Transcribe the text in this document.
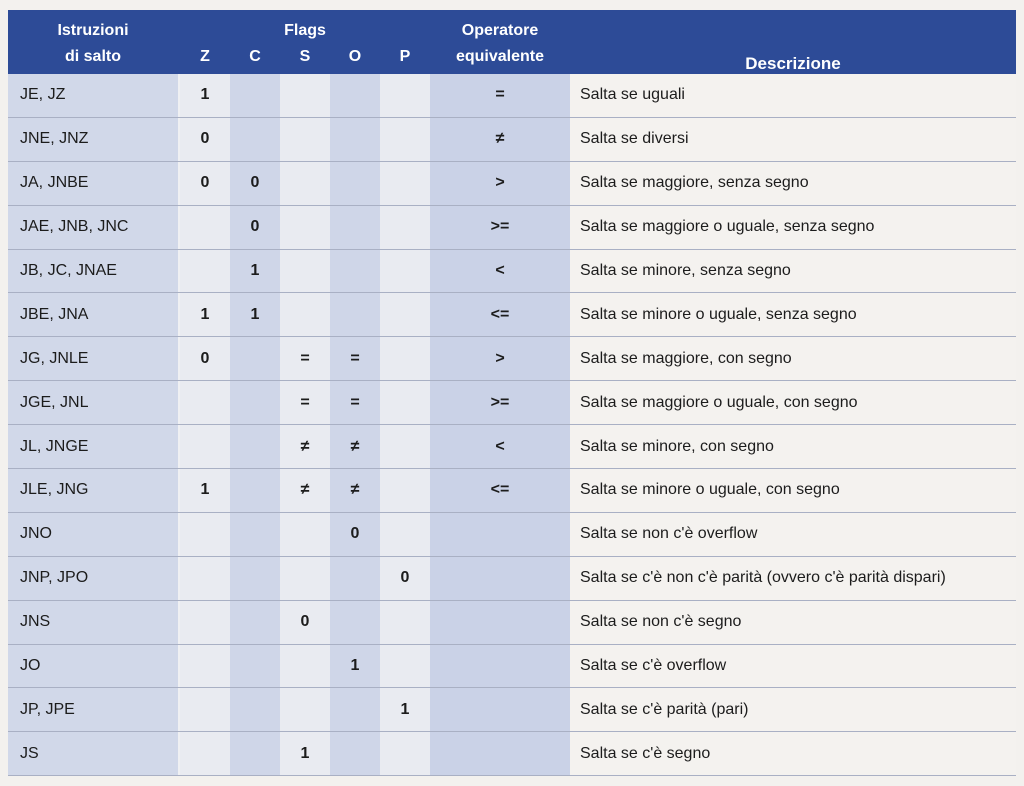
Istruzioni		Flags					Operatore	Descrizione
di salto		Z	C	S	O	P	equivalente	
JE, JZ		1					=	Salta se uguali
JNE, JNZ		0					≠	Salta se diversi
JA, JNBE		0	0				>	Salta se maggiore, senza segno
JAE, JNB, JNC			0				>=	Salta se maggiore o uguale, senza segno
JB, JC, JNAE			1				<	Salta se minore, senza segno
JBE, JNA		1	1				<=	Salta se minore o uguale, senza segno
JG, JNLE		0		=	=		>	Salta se maggiore, con segno
JGE, JNL				=	=		>=	Salta se maggiore o uguale, con segno
JL, JNGE				≠	≠		<	Salta se minore, con segno
JLE, JNG		1		≠	≠		<=	Salta se minore o uguale, con segno
JNO					0			Salta se non c'è overflow
JNP, JPO						0		Salta se c'è non c'è parità (ovvero c'è parità dispari)
JNS				0				Salta se non c'è segno
JO					1			Salta se c'è overflow
JP, JPE						1		Salta se c'è parità (pari)
JS				1				Salta se c'è segno
